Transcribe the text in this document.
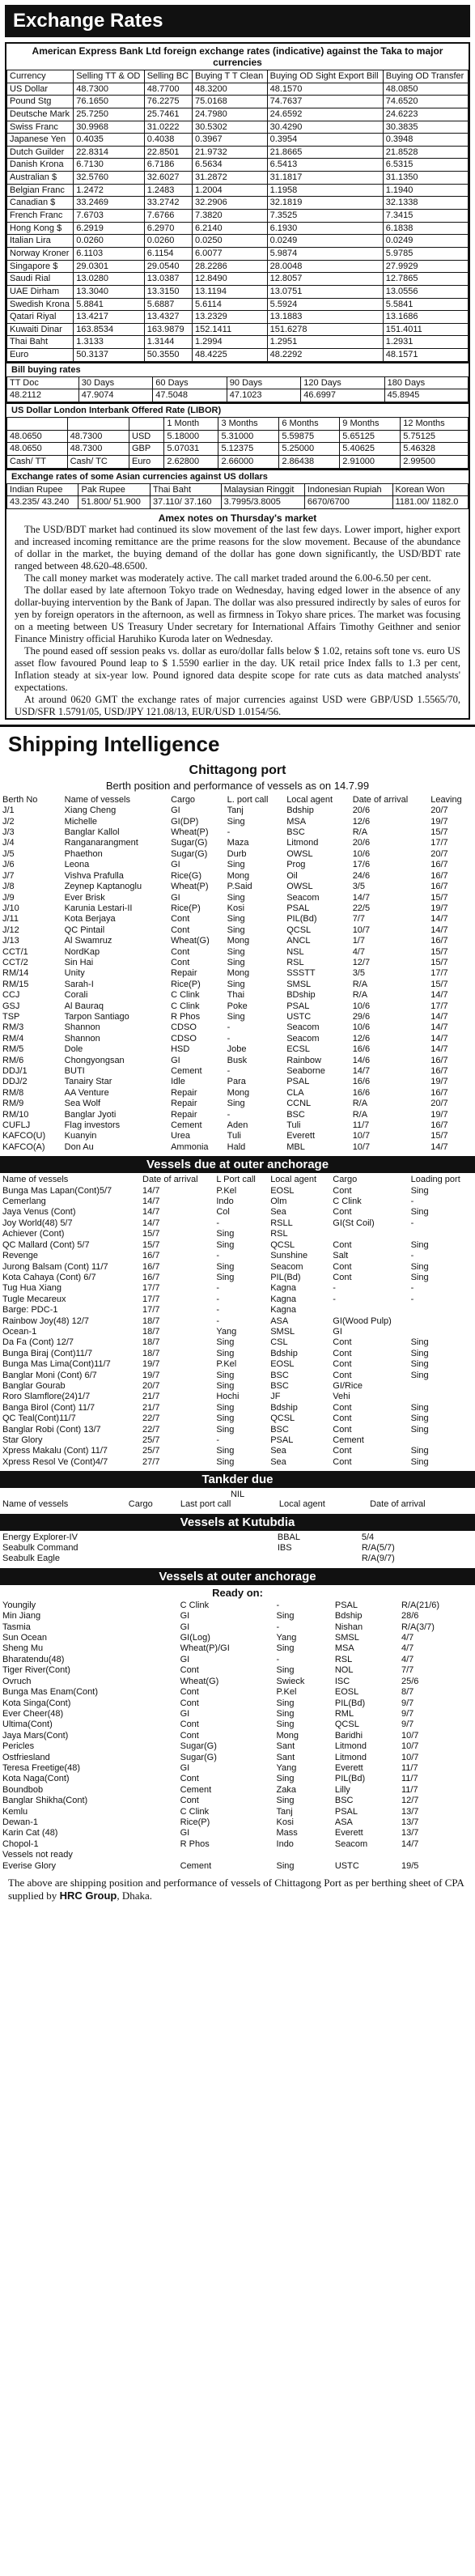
Exchange Rates
American Express Bank Ltd foreign exchange rates (indicative) against the Taka to major currencies
Currency	Selling TT & OD	Selling BC	Buying T T Clean	Buying OD Sight Export Bill	Buying OD Transfer
US Dollar	48.7300	48.7700	48.3200	48.1570	48.0850
Pound Stg	76.1650	76.2275	75.0168	74.7637	74.6520
Deutsche Mark	25.7250	25.7461	24.7980	24.6592	24.6223
Swiss Franc	30.9968	31.0222	30.5302	30.4290	30.3835
Japanese Yen	0.4035	0.4038	0.3967	0.3954	0.3948
Dutch Guilder	22.8314	22.8501	21.9732	21.8665	21.8528
Danish Krona	6.7130	6.7186	6.5634	6.5413	6.5315
Australian $	32.5760	32.6027	31.2872	31.1817	31.1350
Belgian Franc	1.2472	1.2483	1.2004	1.1958	1.1940
Canadian $	33.2469	33.2742	32.2906	32.1819	32.1338
French Franc	7.6703	7.6766	7.3820	7.3525	7.3415
Hong Kong $	6.2919	6.2970	6.2140	6.1930	6.1838
Italian Lira	0.0260	0.0260	0.0250	0.0249	0.0249
Norway Kroner	6.1103	6.1154	6.0077	5.9874	5.9785
Singapore $	29.0301	29.0540	28.2286	28.0048	27.9929
Saudi Rial	13.0280	13.0387	12.8490	12.8057	12.7865
UAE Dirham	13.3040	13.3150	13.1194	13.0751	13.0556
Swedish Krona	5.8841	5.6887	5.6114	5.5924	5.5841
Qatari Riyal	13.4217	13.4327	13.2329	13.1883	13.1686
Kuwaiti Dinar	163.8534	163.9879	152.1411	151.6278	151.4011
Thai Baht	1.3133	1.3144	1.2994	1.2951	1.2931
Euro	50.3137	50.3550	48.4225	48.2292	48.1571
Bill buying rates
TT Doc	30 Days	60 Days	90 Days	120 Days	180 Days
48.2112	47.9074	47.5048	47.1023	46.6997	45.8945
US Dollar London Interbank Offered Rate (LIBOR)
			1 Month	3 Months	6 Months	9 Months	12 Months
48.0650	48.7300	USD	5.18000	5.31000	5.59875	5.65125	5.75125
48.0650	48.7300	GBP	5.07031	5.12375	5.25000	5.40625	5.46328
Cash/ TT	Cash/ TC	Euro	2.62800	2.66000	2.86438	2.91000	2.99500
Exchange rates of some Asian currencies against US dollars
Indian Rupee	Pak Rupee	Thai Baht	Malaysian Ringgit	Indonesian Rupiah	Korean Won
43.235/ 43.240	51.800/ 51.900	37.110/ 37.160	3.7995/3.8005	6670/6700	1181.00/ 1182.0
Amex notes on Thursday's market

The USD/BDT market had continued its slow movement of the last few days. Lower import, higher export and increased incoming remittance are the prime reasons for the slow movement. Because of the abundance of dollar in the market, the buying demand of the dollar has gone down significantly, the USD/BDT rate ranged between 48.620-48.6500.

The call money market was moderately active. The call market traded around the 6.00-6.50 per cent.

The dollar eased by late afternoon Tokyo trade on Wednesday, having edged lower in the absence of any dollar-buying intervention by the Bank of Japan. The dollar was also pressured indirectly by sales of euros for yen by foreign operators in the afternoon, as well as firmness in Tokyo share prices. The market was focusing on a meeting between US Treasury Under secretary for International Affairs Timothy Geithner and senior Finance Ministry official Haruhiko Kuroda later on Wednesday.

The pound eased off session peaks vs. dollar as euro/dollar falls below $ 1.02, retains soft tone vs. euro US asset flow favoured Pound leap to $ 1.5590 earlier in the day. UK retail price Index falls to 1.3 per cent, Inflation steady at six-year low. Pound ignored data despite scope for rate cuts as data matched analysts' expectations.

At around 0620 GMT the exchange rates of major currencies against USD were GBP/USD 1.5565/70, USD/SFR 1.5791/05, USD/JPY 121.08/13, EUR/USD 1.0154/56.

Shipping Intelligence
Chittagong port
Berth position and performance of vessels as on 14.7.99
Berth No	Name of vessels	Cargo	L. port call	Local agent	Date of arrival	Leaving
J/1	Xiang Cheng	GI	Tanj	Bdship	20/6	20/7
J/2	Michelle	GI(DP)	Sing	MSA	12/6	19/7
J/3	Banglar Kallol	Wheat(P)	-	BSC	R/A	15/7
J/4	Ranganarangment	Sugar(G)	Maza	Litmond	20/6	17/7
J/5	Phaethon	Sugar(G)	Durb	OWSL	10/6	20/7
J/6	Leona	GI	Sing	Prog	17/6	16/7
J/7	Vishva Prafulla	Rice(G)	Mong	Oil	24/6	16/7
J/8	Zeynep Kaptanoglu	Wheat(P)	P.Said	OWSL	3/5	16/7
J/9	Ever Brisk	GI	Sing	Seacom	14/7	15/7
J/10	Karunia Lestari-II	Rice(P)	Kosi	PSAL	22/5	19/7
J/11	Kota Berjaya	Cont	Sing	PIL(Bd)	7/7	14/7
J/12	QC Pintail	Cont	Sing	QCSL	10/7	14/7
J/13	Al Swamruz	Wheat(G)	Mong	ANCL	1/7	16/7
CCT/1	NordKap	Cont	Sing	NSL	4/7	15/7
CCT/2	Sin Hai	Cont	Sing	RSL	12/7	15/7
RM/14	Unity	Repair	Mong	SSSTT	3/5	17/7
RM/15	Sarah-I	Rice(P)	Sing	SMSL	R/A	15/7
CCJ	Corali	C Clink	Thai	BDship	R/A	14/7
GSJ	Al Bauraq	C Clink	Poke	PSAL	10/6	17/7
TSP	Tarpon Santiago	R Phos	Sing	USTC	29/6	14/7
RM/3	Shannon	CDSO	-	Seacom	10/6	14/7
RM/4	Shannon	CDSO	-	Seacom	12/6	14/7
RM/5	Dole	HSD	Jobe	ECSL	16/6	14/7
RM/6	Chongyongsan	GI	Busk	Rainbow	14/6	16/7
DDJ/1	BUTI	Cement	-	Seaborne	14/7	16/7
DDJ/2	Tanairy Star	Idle	Para	PSAL	16/6	19/7
RM/8	AA Venture	Repair	Mong	CLA	16/6	16/7
RM/9	Sea Wolf	Repair	Sing	CCNL	R/A	20/7
RM/10	Banglar Jyoti	Repair	-	BSC	R/A	19/7
CUFLJ	Flag investors	Cement	Aden	Tuli	11/7	16/7
KAFCO(U)	Kuanyin	Urea	Tuli	Everett	10/7	15/7
KAFCO(A)	Don Au	Ammonia	Hald	MBL	10/7	14/7
Vessels due at outer anchorage
Name of vessels	Date of arrival	L Port call	Local agent	Cargo	Loading port
Bunga Mas Lapan(Cont)5/7	14/7	P.Kel	EOSL	Cont	Sing
Cemerlang	14/7	Indo	Olm	C Clink	-
Jaya Venus (Cont)	14/7	Col	Sea	Cont	Sing
Joy World(48) 5/7	14/7	-	RSLL	GI(St Coil)	-
Achiever (Cont)	15/7	Sing	RSL		
QC Mallard (Cont) 5/7	15/7	Sing	QCSL	Cont	Sing
Revenge	16/7	-	Sunshine	Salt	-
Jurong Balsam (Cont) 11/7	16/7	Sing	Seacom	Cont	Sing
Kota Cahaya (Cont) 6/7	16/7	Sing	PIL(Bd)	Cont	Sing
Tug Hua Xiang	17/7	-	Kagna	-	-
Tugle Mecareux	17/7	-	Kagna	-	-
Barge: PDC-1	17/7	-	Kagna		
Rainbow Joy(48) 12/7	18/7	-	ASA	GI(Wood Pulp)	
Ocean-1	18/7	Yang	SMSL	GI	
Da Fa (Cont) 12/7	18/7	Sing	CSL	Cont	Sing
Bunga Biraj (Cont)11/7	18/7	Sing	Bdship	Cont	Sing
Bunga Mas Lima(Cont)11/7	19/7	P.Kel	EOSL	Cont	Sing
Banglar Moni (Cont) 6/7	19/7	Sing	BSC	Cont	Sing
Banglar Gourab	20/7	Sing	BSC	GI/Rice	
Roro Slamflore(24)1/7	21/7	Hochi	JF	Vehi	
Banga Birol (Cont) 11/7	21/7	Sing	Bdship	Cont	Sing
QC Teal(Cont)11/7	22/7	Sing	QCSL	Cont	Sing
Banglar Robi (Cont) 13/7	22/7	Sing	BSC	Cont	Sing
Star Glory	25/7	-	PSAL	Cement	
Xpress Makalu (Cont) 11/7	25/7	Sing	Sea	Cont	Sing
Xpress Resol Ve (Cont)4/7	27/7	Sing	Sea	Cont	Sing
Tankder due
NIL
Name of vessels	Cargo	Last port call	Local agent	Date of arrival
Vessels at Kutubdia
Energy Explorer-IV			BBAL	5/4
Seabulk Command			IBS	R/A(5/7)
Seabulk Eagle				R/A(9/7)
Vessels at outer anchorage
Ready on:
Youngily	C Clink	-	PSAL	R/A(21/6)
Min Jiang	GI	Sing	Bdship	28/6
Tasmia	GI	-	Nishan	R/A(3/7)
Sun Ocean	GI(Log)	Yang	SMSL	4/7
Sheng Mu	Wheat(P)/GI	Sing	MSA	4/7
Bharatendu(48)	GI	-	RSL	4/7
Tiger River(Cont)	Cont	Sing	NOL	7/7
Ovruch	Wheat(G)	Swieck	ISC	25/6
Bunga Mas Enam(Cont)	Cont	P.Kel	EOSL	8/7
Kota Singa(Cont)	Cont	Sing	PIL(Bd)	9/7
Ever Cheer(48)	GI	Sing	RML	9/7
Ultima(Cont)	Cont	Sing	QCSL	9/7
Jaya Mars(Cont)	Cont	Mong	Baridhi	10/7
Pericles	Sugar(G)	Sant	Litmond	10/7
Ostfriesland	Sugar(G)	Sant	Litmond	10/7
Teresa Freetige(48)	GI	Yang	Everett	11/7
Kota Naga(Cont)	Cont	Sing	PIL(Bd)	11/7
Boundbob	Cement	Zaka	Lilly	11/7
Banglar Shikha(Cont)	Cont	Sing	BSC	12/7
Kemlu	C Clink	Tanj	PSAL	13/7
Dewan-1	Rice(P)	Kosi	ASA	13/7
Karin Cat (48)	GI	Mass	Everett	13/7
Chopol-1	R Phos	Indo	Seacom	14/7
Vessels not ready				
Everise Glory	Cement	Sing	USTC	19/5
The above are shipping position and performance of vessels of Chittagong Port as per berthing sheet of CPA supplied by HRC Group, Dhaka.
